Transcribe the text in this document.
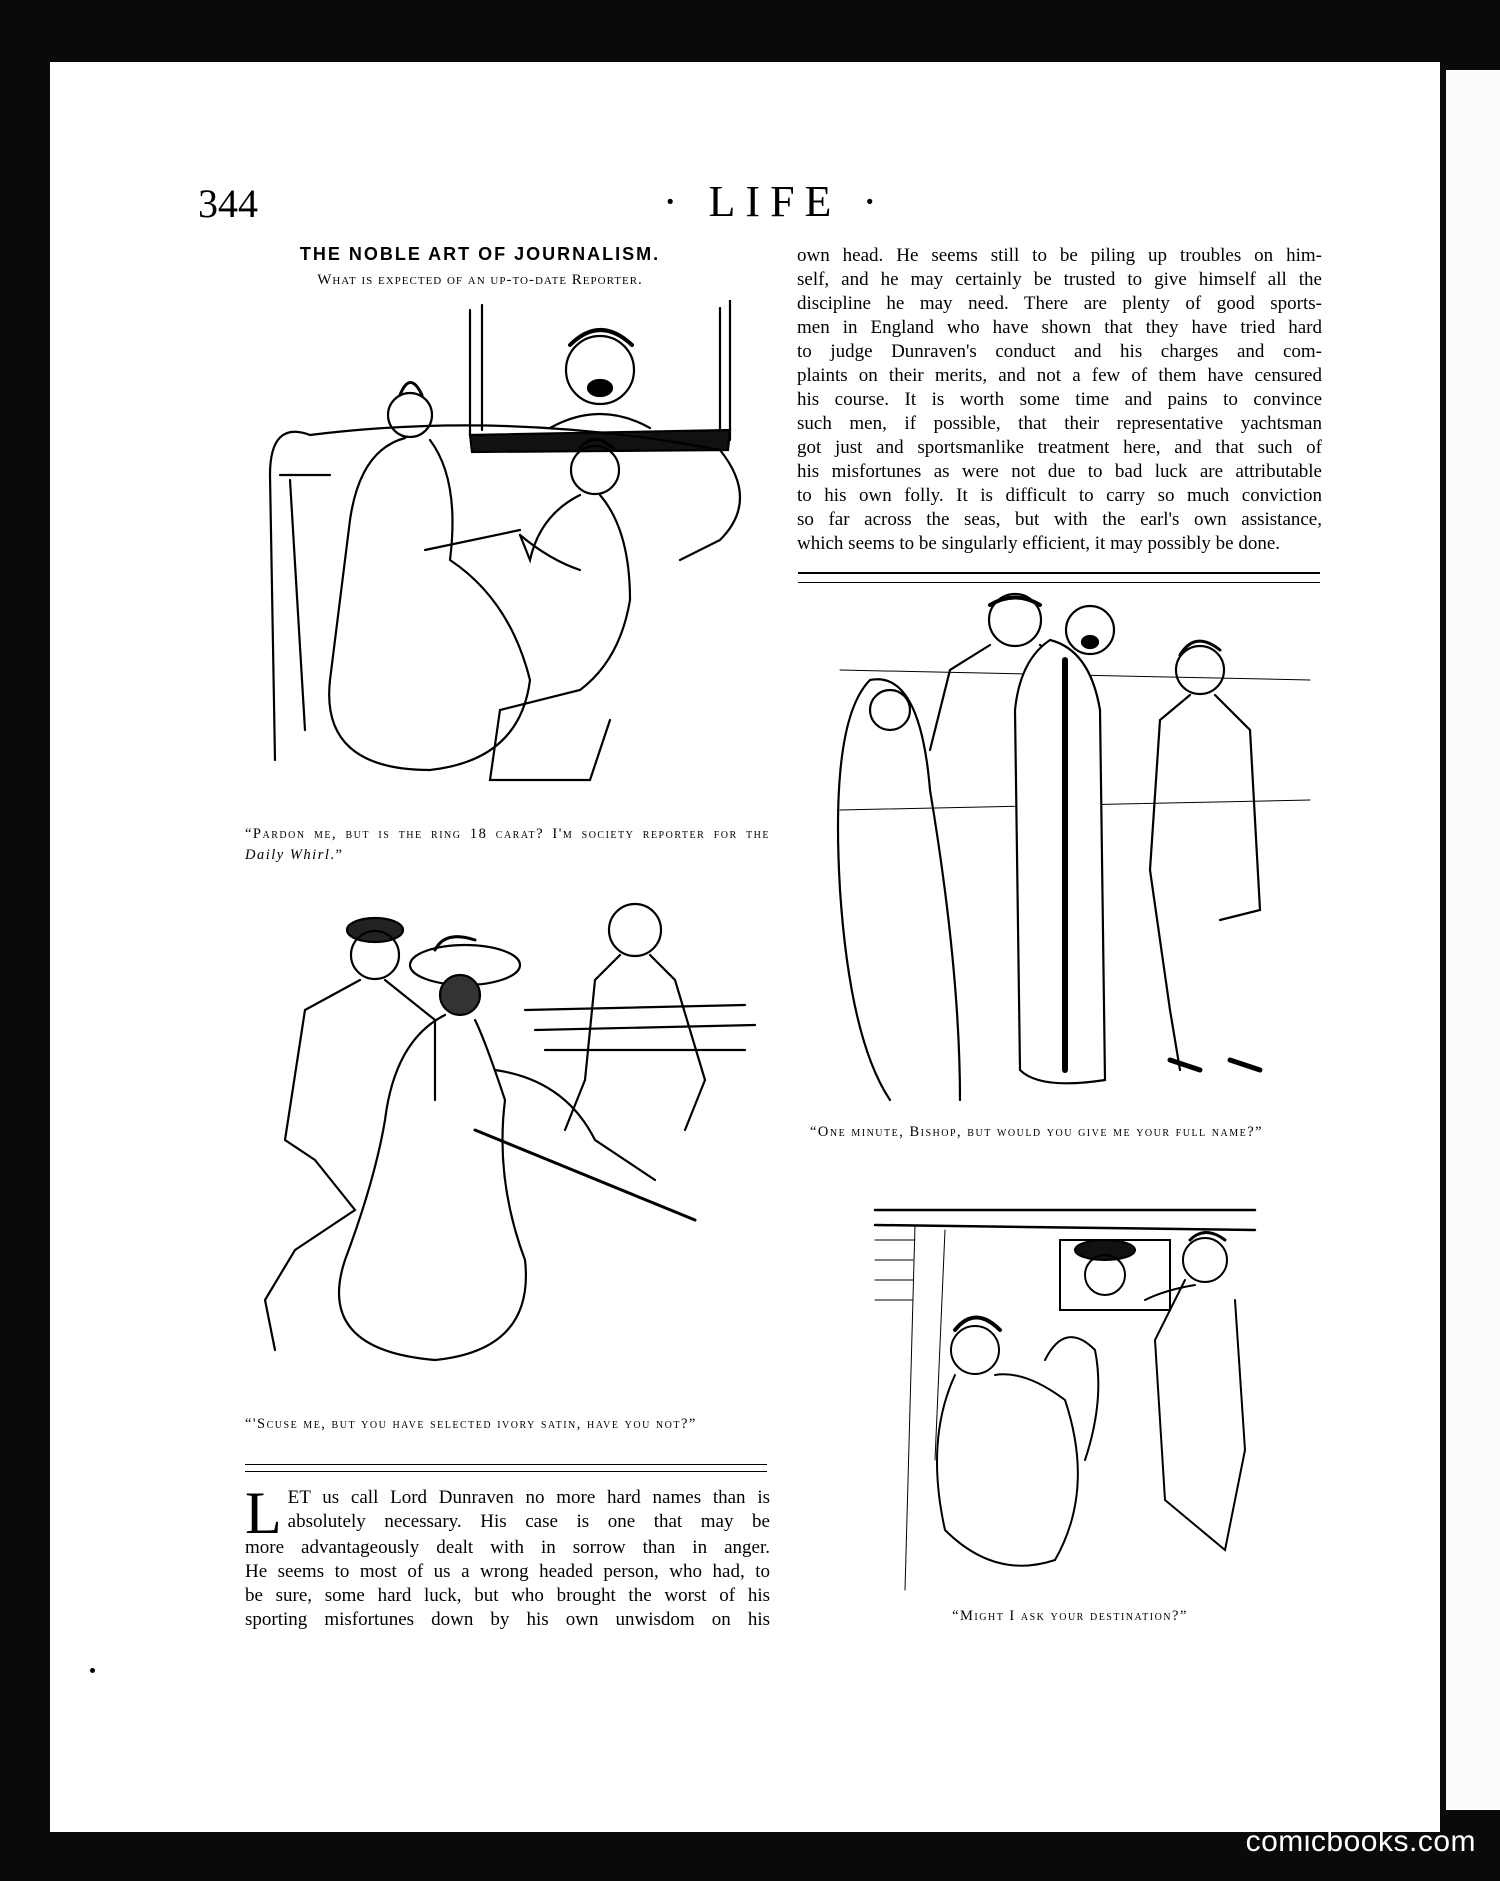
344	· LIFE ·
THE NOBLE ART OF JOURNALISM.
What is expected of an up-to-date Reporter.
“Pardon me, but is the ring 18 carat? I'm society reporter for the Daily Whirl.”
“'Scuse me, but you have selected ivory satin, have you not?”
L ET us call Lord Dunraven no more hard names than is
absolutely necessary. His case is one that may be
more advantageously dealt with in sorrow than in anger.
He seems to most of us a wrong headed person, who had, to
be sure, some hard luck, but who brought the worst of his
sporting misfortunes down by his own unwisdom on his
own head. He seems still to be piling up troubles on him-
self, and he may certainly be trusted to give himself all the
discipline he may need. There are plenty of good sports-
men in England who have shown that they have tried hard
to judge Dunraven's conduct and his charges and com-
plaints on their merits, and not a few of them have censured
his course. It is worth some time and pains to convince
such men, if possible, that their representative yachtsman
got just and sportsmanlike treatment here, and that such of
his misfortunes as were not due to bad luck are attributable
to his own folly. It is difficult to carry so much conviction
so far across the seas, but with the earl's own assistance,
which seems to be singularly efficient, it may possibly be done.
“One minute, Bishop, but would you give me your full name?”
“Might I ask your destination?”
comicbooks.com
